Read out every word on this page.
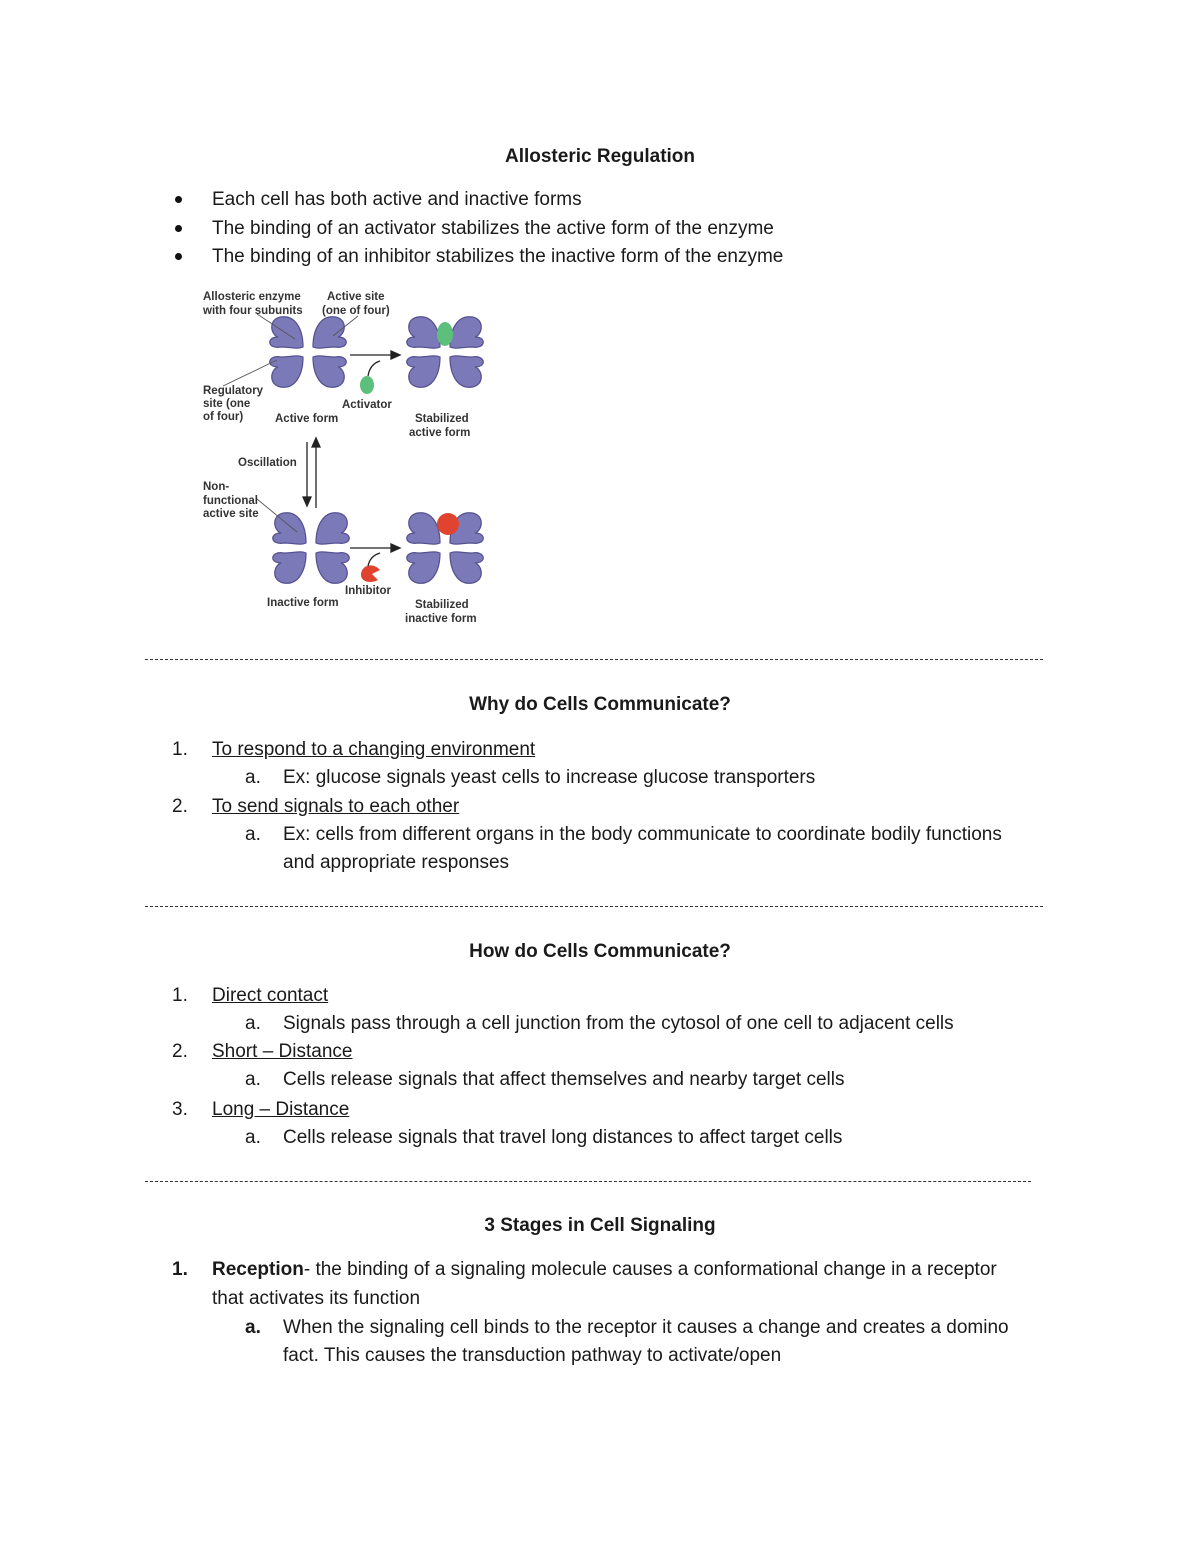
Allosteric Regulation
Each cell has both active and inactive forms
The binding of an activator stabilizes the active form of the enzyme
The binding of an inhibitor stabilizes the inactive form of the enzyme
Allosteric enzyme
with four subunits
Active site
(one of four)
Regulatory
site (one
of four)	Active form
Activator
Stabilized
active form
Oscillation
Non-
functional
active site
Inactive form
Inhibitor
Stabilized
inactive form
Why do Cells Communicate?
1.	To respond to a changing environment
a. Ex: glucose signals yeast cells to increase glucose transporters
2.	To send signals to each other
a. Ex: cells from different organs in the body communicate to coordinate bodily functions
and appropriate responses
How do Cells Communicate?
1.	Direct contact
a. Signals pass through a cell junction from the cytosol of one cell to adjacent cells
2.	Short – Distance
a. Cells release signals that affect themselves and nearby target cells
3.	Long – Distance
a. Cells release signals that travel long distances to affect target cells
3 Stages in Cell Signaling
1.	Reception- the binding of a signaling molecule causes a conformational change in a receptor
that activates its function
a. When the signaling cell binds to the receptor it causes a change and creates a domino
fact. This causes the transduction pathway to activate/open
